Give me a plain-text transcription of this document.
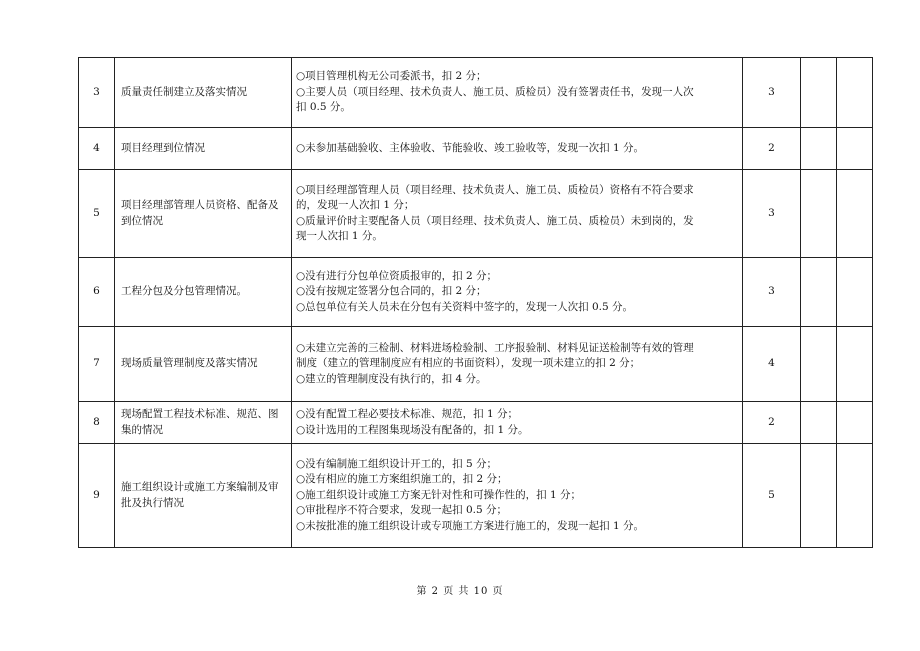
3	质量责任制建立及落实情况	○项目管理机构无公司委派书，扣 2 分；
○主要人员（项目经理、技术负责人、施工员、质检员）没有签署责任书，发现一人次
扣 0.5 分。	3		
4	项目经理到位情况	○未参加基础验收、主体验收、节能验收、竣工验收等，发现一次扣 1 分。	2		
5	项目经理部管理人员资格、配备及到位情况	○项目经理部管理人员（项目经理、技术负责人、施工员、质检员）资格有不符合要求
的，发现一人次扣 1 分；
○质量评价时主要配备人员（项目经理、技术负责人、施工员、质检员）未到岗的，发
现一人次扣 1 分。	3		
6	工程分包及分包管理情况。	○没有进行分包单位资质报审的，扣 2 分；
○没有按规定签署分包合同的，扣 2 分；
○总包单位有关人员未在分包有关资料中签字的，发现一人次扣 0.5 分。	3		
7	现场质量管理制度及落实情况	○未建立完善的三检制、材料进场检验制、工序报验制、材料见证送检制等有效的管理
制度（建立的管理制度应有相应的书面资料），发现一项未建立的扣 2 分；
○建立的管理制度没有执行的，扣 4 分。	4		
8	现场配置工程技术标准、规范、图集的情况	○没有配置工程必要技术标准、规范，扣 1 分；
○设计选用的工程图集现场没有配备的，扣 1 分。	2		
9	施工组织设计或施工方案编制及审批及执行情况	○没有编制施工组织设计开工的，扣 5 分；
○没有相应的施工方案组织施工的，扣 2 分；
○施工组织设计或施工方案无针对性和可操作性的，扣 1 分；
○审批程序不符合要求，发现一起扣 0.5 分；
○未按批准的施工组织设计或专项施工方案进行施工的，发现一起扣 1 分。	5		
第 2 页 共 10 页
